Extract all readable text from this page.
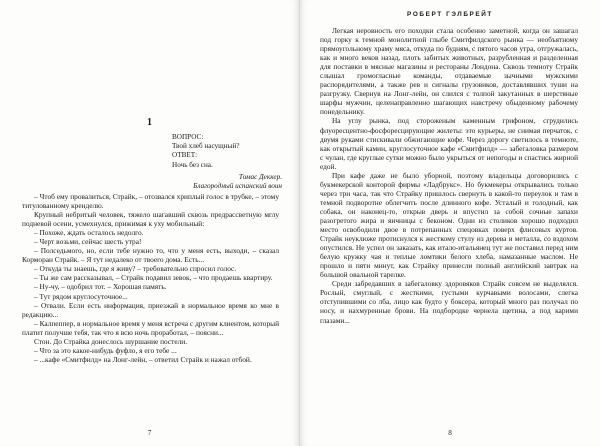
1
ВОПРОС:
Твой хлеб насущный?
ОТВЕТ:
Ночь без сна.
Томас Деккер.
Благородный испанский воин

– Чтоб ему провалиться, Страйк, – отозвался хриплый голос в трубке, – этому титулованному кренделю.

Крупный небритый человек, тяжело шагавший сквозь предрассветную мглу подневой осени, усмехнулся, прижимая к уху мобильный:

– Похоже, ждать осталось недолго.

– Черт возьми, сейчас шесть утра!

– Полседьмого, но, если тебе нужно то, что у меня есть, выходи, – сказал Корморан Страйк. – Я тут недалеко от твоего дома. Есть...

– Откуда ты знаешь, где я живу? – требовательно спросил голос.

– Ты же сам рассказывал, – Страйк подавил зевок, – что продаешь квартиру.

– Ну-чу, – одобрил тот. – Хорошая память.

– Тут рядом круглосуточное...

– Отвали. Если есть информация, приезжай в нормальное время ко мне в редакцию...

– Калпеппер, в нормальное время у меня встреча с другим клиентом, который платит получше тебя, так что я всю ночь проработал, – поясни...

Стон. До Страйка донеслось шуршание постели.

– Что за это какое-нибудь фуфло, я его тебе ...

– ...кафе «Смитфилд» на Лонг-лейн, – ответил Страйк и нажал отбой.

7
РОБЕРТ ГЭЛБРЕЙТ

Легкая неровность его походки стала особенно заметной, когда он зашагал под горку к темной монолитной глыбе Смитфилдского рынка — необъятному прямоугольному храму мяса, откуда по будням, с пятого часов утра, отгружалась, как и много веков назад, плоть забитых животных, разрубленная и разделенная для поставки в мясные магазины и рестораны Лондона. Сквозь темноту Страйк слышал громогласные команды, отдаваемые зычными мужскими распорядителями, а также рев и сигналы грузовиков, доставлявших туши на разгрузку. Свернув на Лонг-лейн, он слился с толпой закутанных в шерстяные шарфы мужчин, целенаправленно шагающих навстречу обыденному рабочему понедельнику.

На углу рынка, под стороженым каменным грифоном, сгрудились флуоресцентно-фосфоресцирующие жилеты: это курьеры, не снимая перчаток, с двумя руками стискивали обжигающие кофе. Через дорогу светилось в темноте, как открытый камин, круглосуточное кафе «Смитфилд» — забегаловка размером с чулан, где круглые сутки можно было укрыться от непогоды и спастись жирной едой.

При кафе даже не было уборной, поэтому владельцы договорились с букмекерской конторой фирмы «Ладбрукс». Но букмекеры открывались только через три часа, так что Страйку пришлось свернуть в какой-то переулок и там в темной подворотне облегчить после длинного кофе. Усталый и голодный, как собака, он наконец-то, открыв дверь и впустил за собой сочные запахи разогретого жира и яичницы с беконом. Одни из столиков хорошо подходил место освободили двое в потрепанных спецовках поверх флисовых куртов. Страйк неуклюже протиснулся к жесткому стулу из дерева и металла, со вздохом опустился. Не успел он заказать, как итало-итальянец тут же поставил перед ним белую кружку чая и теплые ломтики белого хлеба, намазанные маслом. Не прошло и пяти минут, как Страйку принесли полный английский завтрак на большой овальной тарелке.

Среди забредавших в забегаловку здоровяков Страйк совсем не выделялся. Рослый, смуглый, с жесткими, густыми курчавыми волосами, слегка отступившими со лба, лицо как будто у боксера, который много раз получал по носу, и нахмуренные брови. На подбородке чернела щетина, а под карими глазами...

8
